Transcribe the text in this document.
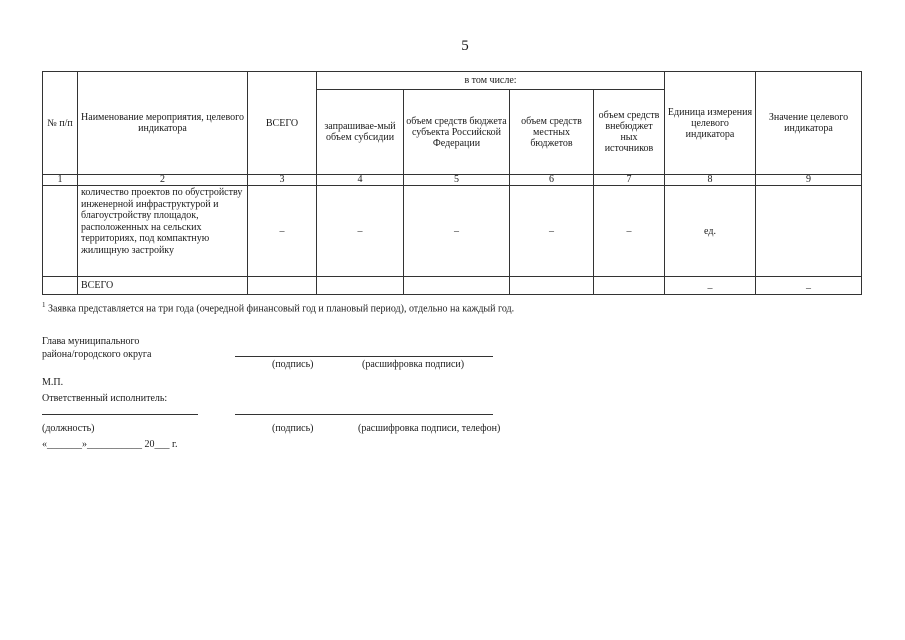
5
№ п/п	Наименование мероприятия, целевого индикатора	ВСЕГО	в том числе:				Единица измерения целевого индикатора	Значение целевого индикатора
			запрашивае-мый объем субсидии	объем средств бюджета субъекта Российской Федерации	объем средств местных бюджетов	объем средств внебюджет ных источников		
1	2	3	4	5	6	7	8	9
	количество проектов по обустройству инженерной инфраструктурой и благоустройству площадок, расположенных на сельских территориях, под компактную жилищную застройку	–	–	–	–	–	ед.	
	ВСЕГО						–	–
$^1$ Заявка представляется на три года (очередной финансовый год и плановый период), отдельно на каждый год.
Глава муниципального
района/городского округа
(подпись)	(расшифровка подписи)
М.П.
Ответственный исполнитель:
(должность)	(подпись)	(расшифровка подписи, телефон)
«_______»___________ 20___ г.
